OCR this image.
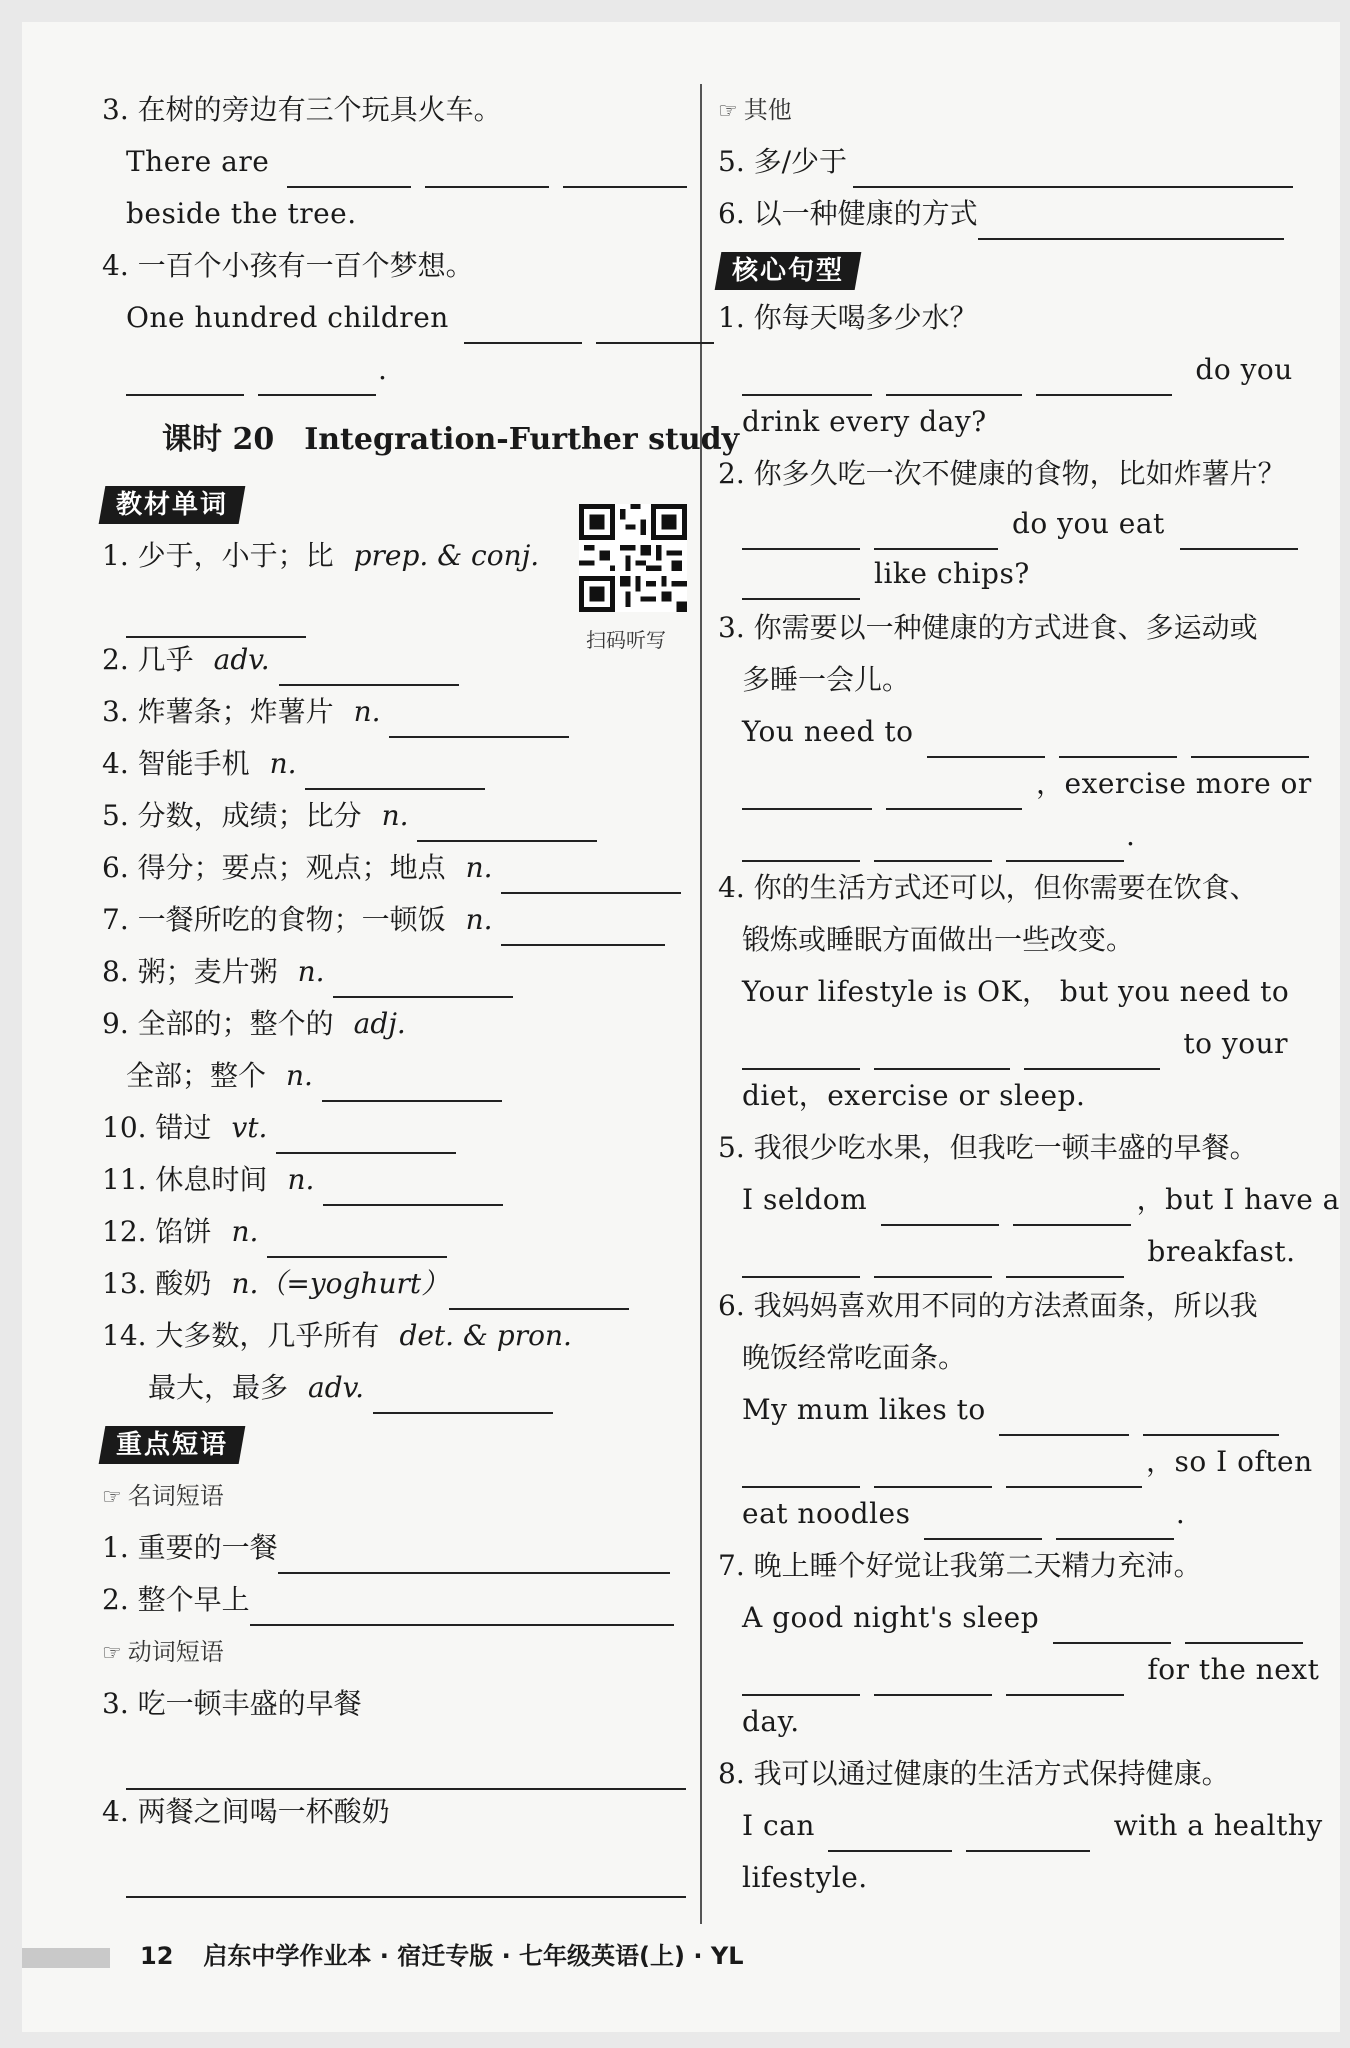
3. 在树的旁边有三个玩具火车。
There are
beside the tree.
4. 一百个小孩有一百个梦想。
One hundred children
.
课时 20　Integration-Further study
教材单词
1. 少于，小于；比 prep. & conj.
2. 几乎 adv.
3. 炸薯条；炸薯片 n.
4. 智能手机 n.
5. 分数，成绩；比分 n.
6. 得分；要点；观点；地点 n.
7. 一餐所吃的食物；一顿饭 n.
8. 粥；麦片粥 n.
9. 全部的；整个的 adj.
全部；整个 n.
10. 错过 vt.
11. 休息时间 n.
12. 馅饼 n.
13. 酸奶 n.（=yoghurt）
14. 大多数，几乎所有 det. & pron.
最大，最多 adv.
重点短语
☞ 名词短语
1. 重要的一餐
2. 整个早上
☞ 动词短语
3. 吃一顿丰盛的早餐
4. 两餐之间喝一杯酸奶
扫码听写
☞ 其他
5. 多/少于
6. 以一种健康的方式
核心句型
1. 你每天喝多少水？
do you
drink every day?
2. 你多久吃一次不健康的食物，比如炸薯片？
do you eat
like chips?
3. 你需要以一种健康的方式进食、多运动或
多睡一会儿。
You need to
，exercise more or
.
4. 你的生活方式还可以，但你需要在饮食、
锻炼或睡眠方面做出一些改变。
Your lifestyle is OK， but you need to
to your
diet，exercise or sleep.
5. 我很少吃水果，但我吃一顿丰盛的早餐。
I seldom	，but I have a
breakfast.
6. 我妈妈喜欢用不同的方法煮面条，所以我
晚饭经常吃面条。
My mum likes to
，so I often
eat noodles	.
7. 晚上睡个好觉让我第二天精力充沛。
A good night's sleep
for the next
day.
8. 我可以通过健康的生活方式保持健康。
I can	with a healthy
lifestyle.
12 启东中学作业本 · 宿迁专版 · 七年级英语(上) · YL
